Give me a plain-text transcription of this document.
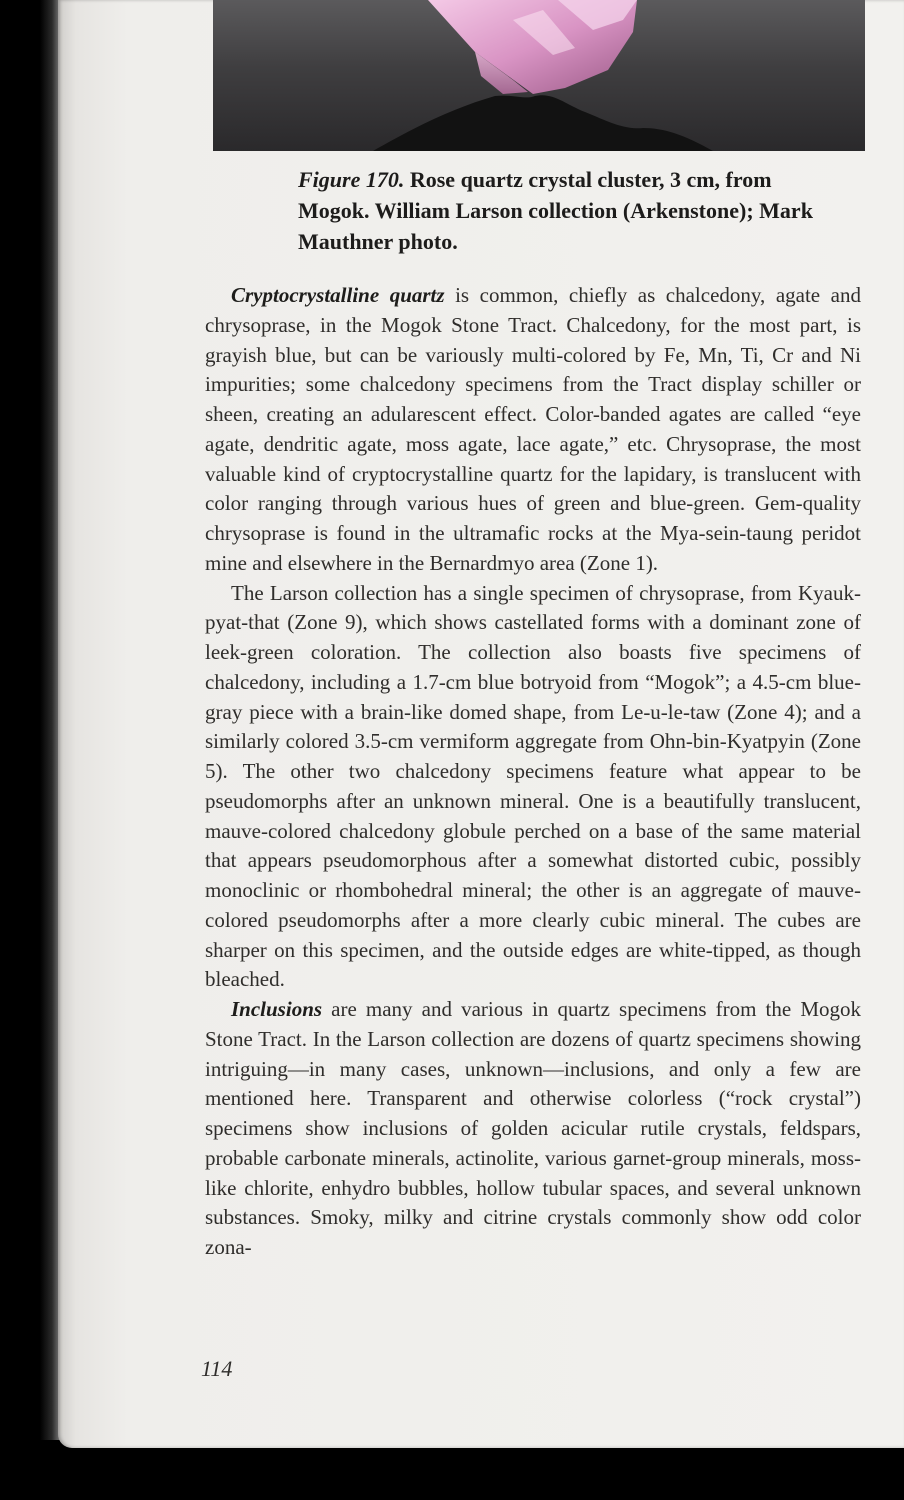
Figure 170. Rose quartz crystal cluster, 3 cm, from Mogok. William Larson collection (Arkenstone); Mark Mauthner photo.

Cryptocrystalline quartz is common, chiefly as chalcedony, agate and chrysoprase, in the Mogok Stone Tract. Chalcedony, for the most part, is grayish blue, but can be variously multi-colored by Fe, Mn, Ti, Cr and Ni impurities; some chalcedony specimens from the Tract display schiller or sheen, creating an adularescent effect. Color-banded agates are called “eye agate, dendritic agate, moss agate, lace agate,” etc. Chrysoprase, the most valuable kind of cryptocrystalline quartz for the lapidary, is translucent with color ranging through various hues of green and blue-green. Gem-quality chrysoprase is found in the ultramafic rocks at the Mya-sein-taung peridot mine and elsewhere in the Bernardmyo area (Zone 1).

The Larson collection has a single specimen of chrysoprase, from Kyauk-pyat-that (Zone 9), which shows castellated forms with a dominant zone of leek-green coloration. The collection also boasts five specimens of chalcedony, including a 1.7-cm blue botryoid from “Mogok”; a 4.5-cm blue-gray piece with a brain-like domed shape, from Le-u-le-taw (Zone 4); and a similarly colored 3.5-cm vermiform aggregate from Ohn-bin-Kyatpyin (Zone 5). The other two chalcedony specimens feature what appear to be pseudomorphs after an unknown mineral. One is a beautifully translucent, mauve-colored chalcedony globule perched on a base of the same material that appears pseudomorphous after a somewhat distorted cubic, possibly monoclinic or rhombohedral mineral; the other is an aggregate of mauve-colored pseudomorphs after a more clearly cubic mineral. The cubes are sharper on this specimen, and the outside edges are white-tipped, as though bleached.

Inclusions are many and various in quartz specimens from the Mogok Stone Tract. In the Larson collection are dozens of quartz specimens showing intriguing—in many cases, unknown—inclusions, and only a few are mentioned here. Transparent and otherwise colorless (“rock crystal”) specimens show inclusions of golden acicular rutile crystals, feldspars, probable carbonate minerals, actinolite, various garnet-group minerals, moss-like chlorite, enhydro bubbles, hollow tubular spaces, and several unknown substances. Smoky, milky and citrine crystals commonly show odd color zona-

114
